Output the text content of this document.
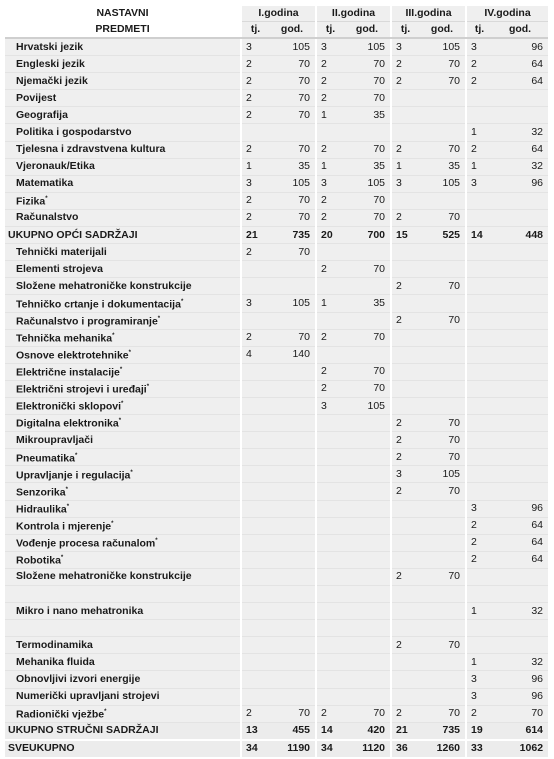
NASTAVNI	I.godina		II.godina		III.godina		IV.godina	
PREDMETI	tj.	god.	tj.	god.	tj.	god.	tj.	god.
Hrvatski jezik	3	105	3	105	3	105	3	96
Engleski jezik	2	70	2	70	2	70	2	64
Njemački jezik	2	70	2	70	2	70	2	64
Povijest	2	70	2	70				
Geografija	2	70	1	35				
Politika i gospodarstvo							1	32
Tjelesna i zdravstvena kultura	2	70	2	70	2	70	2	64
Vjeronauk/Etika	1	35	1	35	1	35	1	32
Matematika	3	105	3	105	3	105	3	96
Fizika*	2	70	2	70				
Računalstvo	2	70	2	70	2	70		
UKUPNO OPĆI SADRŽAJI	21	735	20	700	15	525	14	448
Tehnički materijali	2	70						
Elementi strojeva			2	70				
Složene mehatroničke konstrukcije					2	70		
Tehničko crtanje i dokumentacija*	3	105	1	35				
Računalstvo i programiranje*					2	70		
Tehnička mehanika*	2	70	2	70				
Osnove elektrotehnike*	4	140						
Električne instalacije*			2	70				
Električni strojevi i uređaji*			2	70				
Elektronički sklopovi*			3	105				
Digitalna elektronika*					2	70		
Mikroupravljači					2	70		
Pneumatika*					2	70		
Upravljanje i regulacija*					3	105		
Senzorika*					2	70		
Hidraulika*							3	96
Kontrola i mjerenje*							2	64
Vođenje procesa računalom*							2	64
Robotika*							2	64
Složene mehatroničke konstrukcije					2	70		

Mikro i nano mehatronika							1	32

Termodinamika					2	70		
Mehanika fluida							1	32
Obnovljivi izvori energije							3	96
Numerički upravljani strojevi							3	96
Radionički vježbe*	2	70	2	70	2	70	2	70
UKUPNO STRUČNI SADRŽAJI	13	455	14	420	21	735	19	614
SVEUKUPNO	34	1190	34	1120	36	1260	33	1062
